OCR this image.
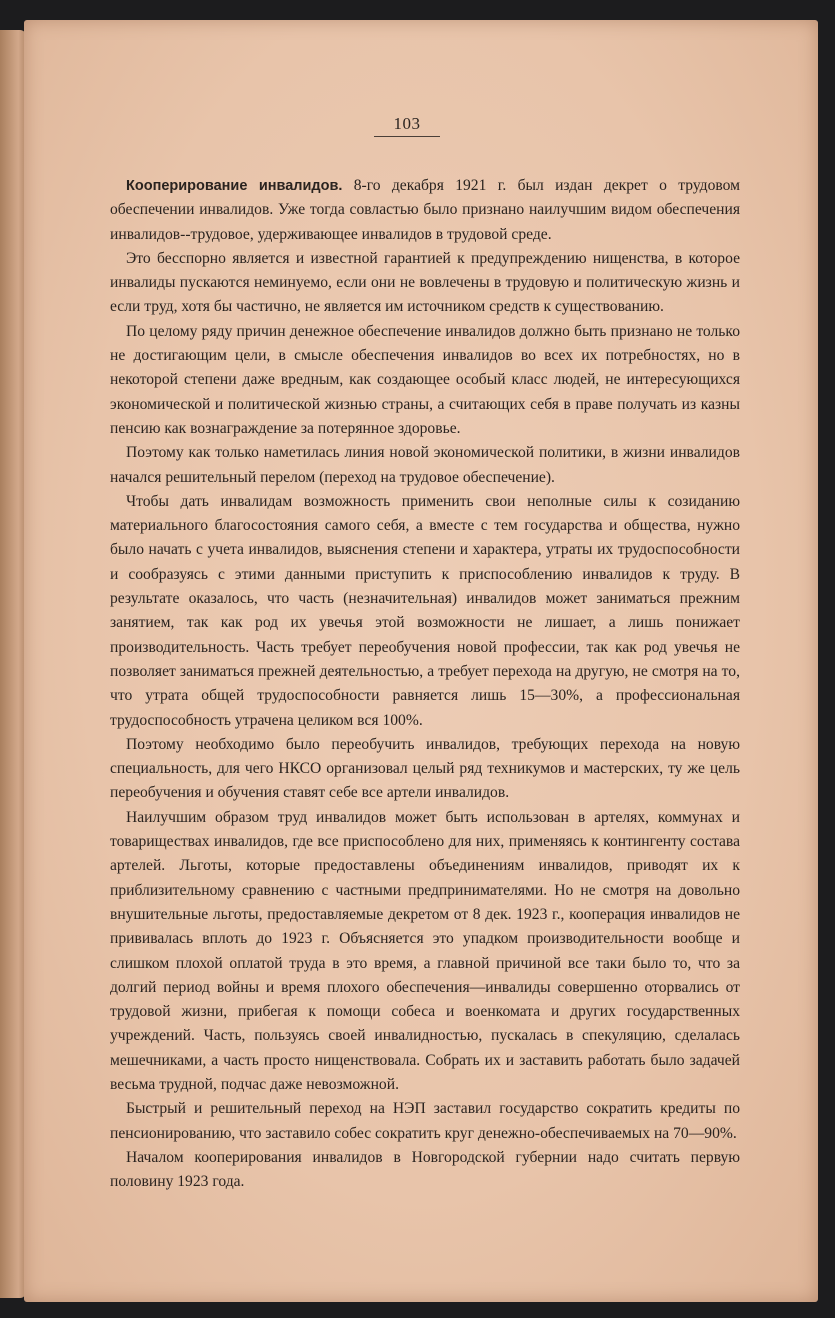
103

Кооперирование инвалидов. 8-го декабря 1921 г. был издан декрет о трудовом обеспечении инвалидов. Уже тогда совластью было признано наилучшим видом обеспечения инвалидов--трудовое, удерживающее инвалидов в трудовой среде.

Это бесспорно является и известной гарантией к предупреждению нищенства, в которое инвалиды пускаются неминуемо, если они не вовлечены в трудовую и политическую жизнь и если труд, хотя бы частично, не является им источником средств к существованию.

По целому ряду причин денежное обеспечение инвалидов должно быть признано не только не достигающим цели, в смысле обеспечения инвалидов во всех их потребностях, но в некоторой степени даже вредным, как создающее особый класс людей, не интересующихся экономической и политической жизнью страны, а считающих себя в праве получать из казны пенсию как вознаграждение за потерянное здоровье.

Поэтому как только наметилась линия новой экономической политики, в жизни инвалидов начался решительный перелом (переход на трудовое обеспечение).

Чтобы дать инвалидам возможность применить свои неполные силы к созиданию материального благосостояния самого себя, а вместе с тем государства и общества, нужно было начать с учета инвалидов, выяснения степени и характера, утраты их трудоспособности и сообразуясь с этими данными приступить к приспособлению инвалидов к труду. В результате оказалось, что часть (незначительная) инвалидов может заниматься прежним занятием, так как род их увечья этой возможности не лишает, а лишь понижает производительность. Часть требует переобучения новой профессии, так как род увечья не позволяет заниматься прежней деятельностью, а требует перехода на другую, не смотря на то, что утрата общей трудоспособности равняется лишь 15—30%, а профессиональная трудоспособность утрачена целиком вся 100%.

Поэтому необходимо было переобучить инвалидов, требующих перехода на новую специальность, для чего НКСО организовал целый ряд техникумов и мастерских, ту же цель переобучения и обучения ставят себе все артели инвалидов.

Наилучшим образом труд инвалидов может быть использован в артелях, коммунах и товариществах инвалидов, где все приспособлено для них, применяясь к контингенту состава артелей. Льготы, которые предоставлены объединениям инвалидов, приводят их к приблизительному сравнению с частными предпринимателями. Но не смотря на довольно внушительные льготы, предоставляемые декретом от 8 дек. 1923 г., кооперация инвалидов не прививалась вплоть до 1923 г. Объясняется это упадком производительности вообще и слишком плохой оплатой труда в это время, а главной причиной все таки было то, что за долгий период войны и время плохого обеспечения—инвалиды совершенно оторвались от трудовой жизни, прибегая к помощи собеса и военкомата и других государственных учреждений. Часть, пользуясь своей инвалидностью, пускалась в спекуляцию, сделалась мешечниками, а часть просто нищенствовала. Собрать их и заставить работать было задачей весьма трудной, подчас даже невозможной.

Быстрый и решительный переход на НЭП заставил государство сократить кредиты по пенсионированию, что заставило собес сократить круг денежно-обеспечиваемых на 70—90%.

Началом кооперирования инвалидов в Новгородской губернии надо считать первую половину 1923 года.
